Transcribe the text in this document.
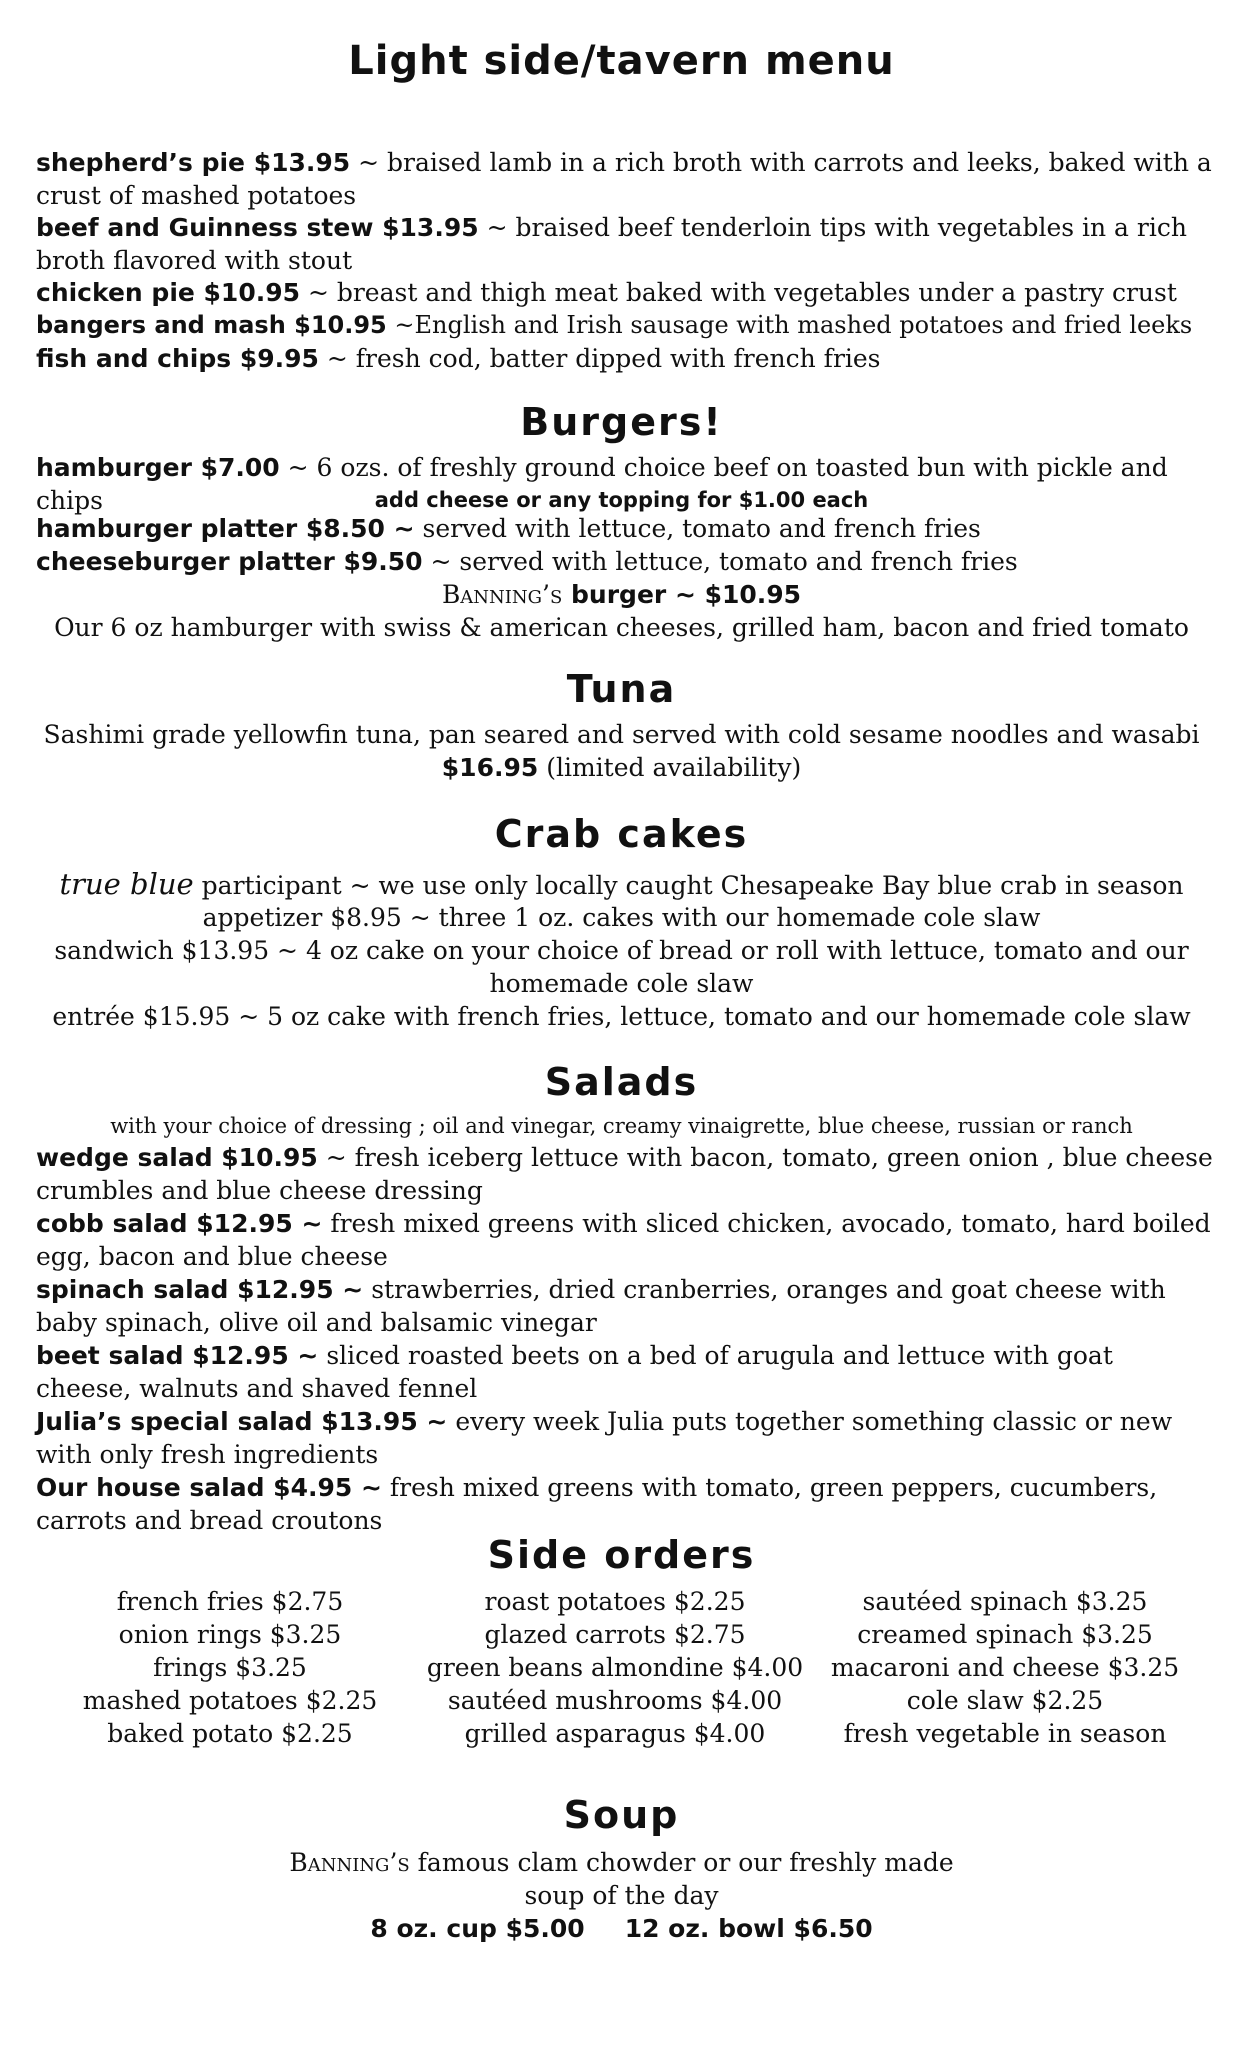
Light side/tavern menu
shepherd’s pie $13.95 ~ braised lamb in a rich broth with carrots and leeks, baked with a crust of mashed potatoes
beef and Guinness stew $13.95 ~ braised beef tenderloin tips with vegetables in a rich broth flavored with stout
chicken pie $10.95 ~ breast and thigh meat baked with vegetables under a pastry crust
bangers and mash $10.95 ~English and Irish sausage with mashed potatoes and fried leeks
fish and chips $9.95 ~ fresh cod, batter dipped with french fries
Burgers!
hamburger $7.00 ~ 6 ozs. of freshly ground choice beef on toasted bun with pickle and chips	add cheese or any topping for $1.00 each
hamburger platter $8.50 ~ served with lettuce, tomato and french fries
cheeseburger platter $9.50 ~ served with lettuce, tomato and french fries
Banning’s burger ~ $10.95
Our 6 oz hamburger with swiss & american cheeses, grilled ham, bacon and fried tomato
Tuna
Sashimi grade yellowfin tuna, pan seared and served with cold sesame noodles and wasabi
$16.95 (limited availability)
Crab cakes
true blue participant ~ we use only locally caught Chesapeake Bay blue crab in season
appetizer $8.95 ~ three 1 oz. cakes with our homemade cole slaw
sandwich $13.95 ~ 4 oz cake on your choice of bread or roll with lettuce, tomato and our
homemade cole slaw
entrée $15.95 ~ 5 oz cake with french fries, lettuce, tomato and our homemade cole slaw
Salads
with your choice of dressing ; oil and vinegar, creamy vinaigrette, blue cheese, russian or ranch
wedge salad $10.95 ~ fresh iceberg lettuce with bacon, tomato, green onion , blue cheese crumbles and blue cheese dressing
cobb salad $12.95 ~ fresh mixed greens with sliced chicken, avocado, tomato, hard boiled egg, bacon and blue cheese
spinach salad $12.95 ~ strawberries, dried cranberries, oranges and goat cheese with baby spinach, olive oil and balsamic vinegar
beet salad $12.95 ~ sliced roasted beets on a bed of arugula and lettuce with goat cheese, walnuts and shaved fennel
Julia’s special salad $13.95 ~ every week Julia puts together something classic or new with only fresh ingredients
Our house salad $4.95 ~ fresh mixed greens with tomato, green peppers, cucumbers, carrots and bread croutons
Side orders
french fries $2.75
onion rings $3.25
frings $3.25
mashed potatoes $2.25
baked potato $2.25
roast potatoes $2.25
glazed carrots $2.75
green beans almondine $4.00
sautéed mushrooms $4.00
grilled asparagus $4.00
sautéed spinach $3.25
creamed spinach $3.25
macaroni and cheese $3.25
cole slaw $2.25
fresh vegetable in season
Soup
Banning’s famous clam chowder or our freshly made
soup of the day
8 oz. cup $5.00 12 oz. bowl $6.50
